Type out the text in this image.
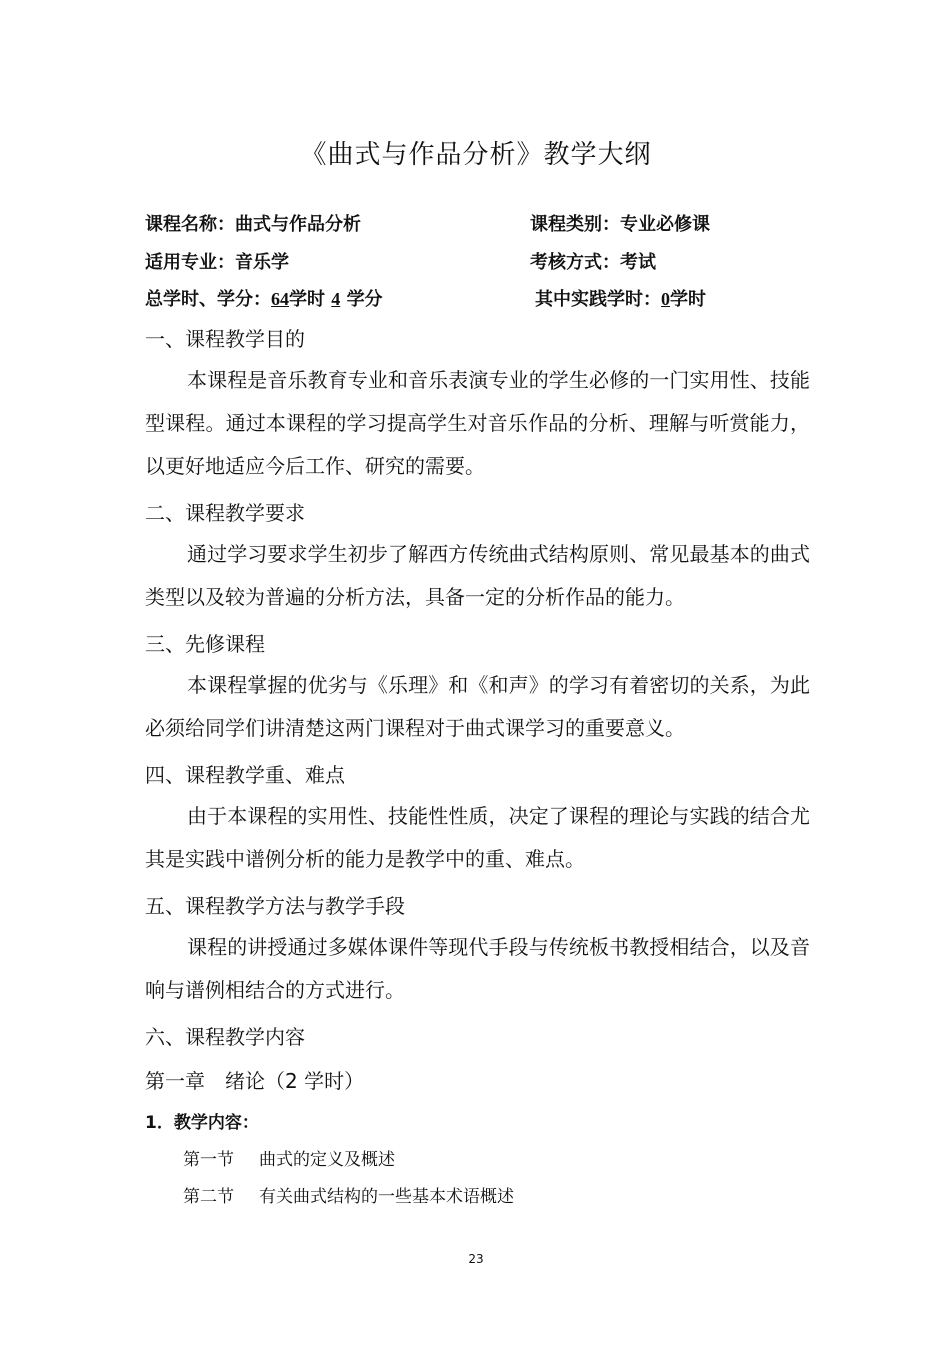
《曲式与作品分析》教学大纲
课程名称：曲式与作品分析	课程类别：专业必修课
适用专业：音乐学	考核方式：考试
总学时、学分：64学时 4 学分	其中实践学时：0学时
一、课程教学目的

本课程是音乐教育专业和音乐表演专业的学生必修的一门实用性、技能型课程。通过本课程的学习提高学生对音乐作品的分析、理解与听赏能力，以更好地适应今后工作、研究的需要。

二、课程教学要求

通过学习要求学生初步了解西方传统曲式结构原则、常见最基本的曲式类型以及较为普遍的分析方法，具备一定的分析作品的能力。

三、先修课程

本课程掌握的优劣与《乐理》和《和声》的学习有着密切的关系，为此必须给同学们讲清楚这两门课程对于曲式课学习的重要意义。

四、课程教学重、难点

由于本课程的实用性、技能性性质，决定了课程的理论与实践的结合尤其是实践中谱例分析的能力是教学中的重、难点。

五、课程教学方法与教学手段

课程的讲授通过多媒体课件等现代手段与传统板书教授相结合，以及音响与谱例相结合的方式进行。

六、课程教学内容
第一章　绪论（2 学时）
1．教学内容：
第一节 曲式的定义及概述
第二节 有关曲式结构的一些基本术语概述
23
